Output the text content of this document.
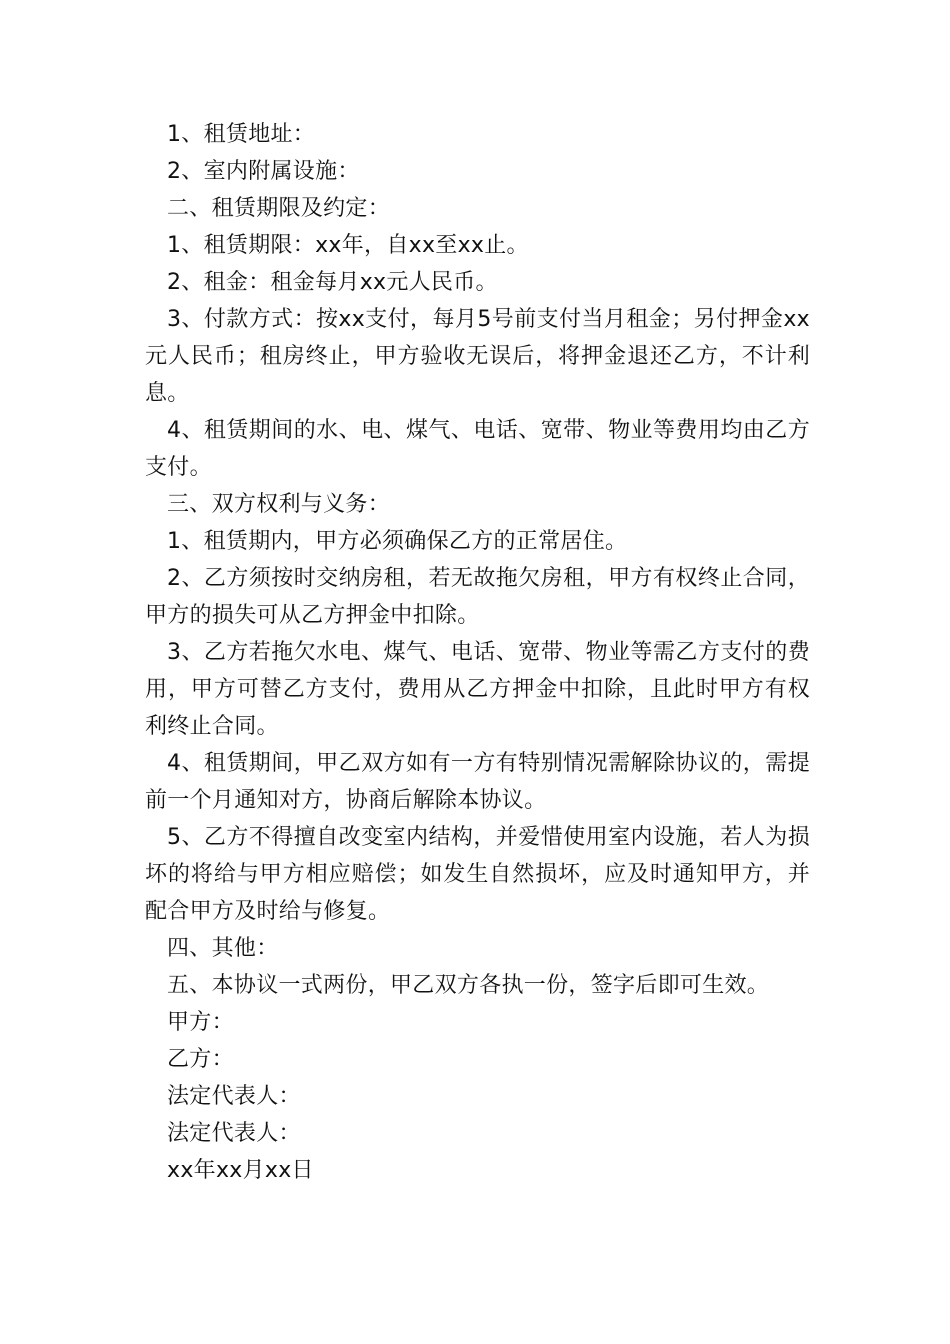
1、租赁地址：

2、室内附属设施：

二、租赁期限及约定：

1、租赁期限：xx年，自xx至xx止。

2、租金：租金每月xx元人民币。

3、付款方式：按xx支付，每月5号前支付当月租金；另付押金xx元人民币；租房终止，甲方验收无误后，将押金退还乙方，不计利息。

4、租赁期间的水、电、煤气、电话、宽带、物业等费用均由乙方支付。

三、双方权利与义务：

1、租赁期内，甲方必须确保乙方的正常居住。

2、乙方须按时交纳房租，若无故拖欠房租，甲方有权终止合同，甲方的损失可从乙方押金中扣除。

3、乙方若拖欠水电、煤气、电话、宽带、物业等需乙方支付的费用，甲方可替乙方支付，费用从乙方押金中扣除，且此时甲方有权利终止合同。

4、租赁期间，甲乙双方如有一方有特别情况需解除协议的，需提前一个月通知对方，协商后解除本协议。

5、乙方不得擅自改变室内结构，并爱惜使用室内设施，若人为损坏的将给与甲方相应赔偿；如发生自然损坏，应及时通知甲方，并配合甲方及时给与修复。

四、其他：

五、本协议一式两份，甲乙双方各执一份，签字后即可生效。

甲方：

乙方：

法定代表人：

法定代表人：

xx年xx月xx日
